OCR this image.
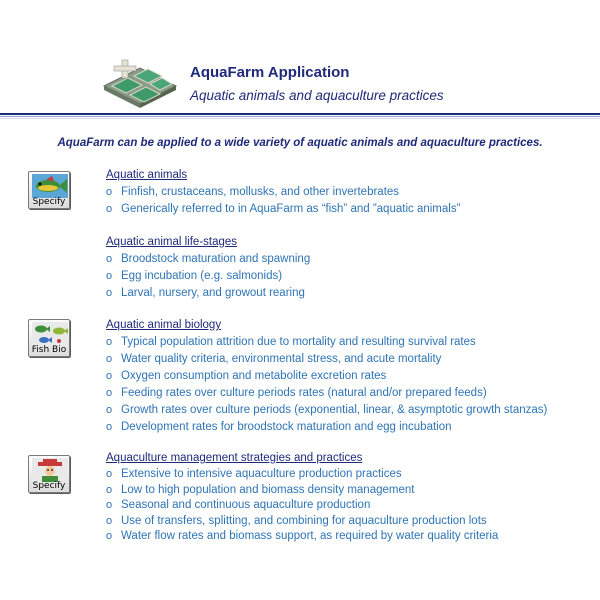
AquaFarm Application
Aquatic animals and aquaculture practices
AquaFarm can be applied to a wide variety of aquatic animals and aquaculture practices.
Specify
Fish Bio
Specify
Aquatic animals
o Finfish, crustaceans, mollusks, and other invertebrates
o Generically referred to in AquaFarm as “fish” and ”aquatic animals”
Aquatic animal life-stages
o Broodstock maturation and spawning
o Egg incubation (e.g. salmonids)
o Larval, nursery, and growout rearing
Aquatic animal biology
o Typical population attrition due to mortality and resulting survival rates
o Water quality criteria, environmental stress, and acute mortality
o Oxygen consumption and metabolite excretion rates
o Feeding rates over culture periods rates (natural and/or prepared feeds)
o Growth rates over culture periods (exponential, linear, & asymptotic growth stanzas)
o Development rates for broodstock maturation and egg incubation
Aquaculture management strategies and practices
o Extensive to intensive aquaculture production practices
o Low to high population and biomass density management
o Seasonal and continuous aquaculture production
o Use of transfers, splitting, and combining for aquaculture production lots
o Water flow rates and biomass support, as required by water quality criteria
